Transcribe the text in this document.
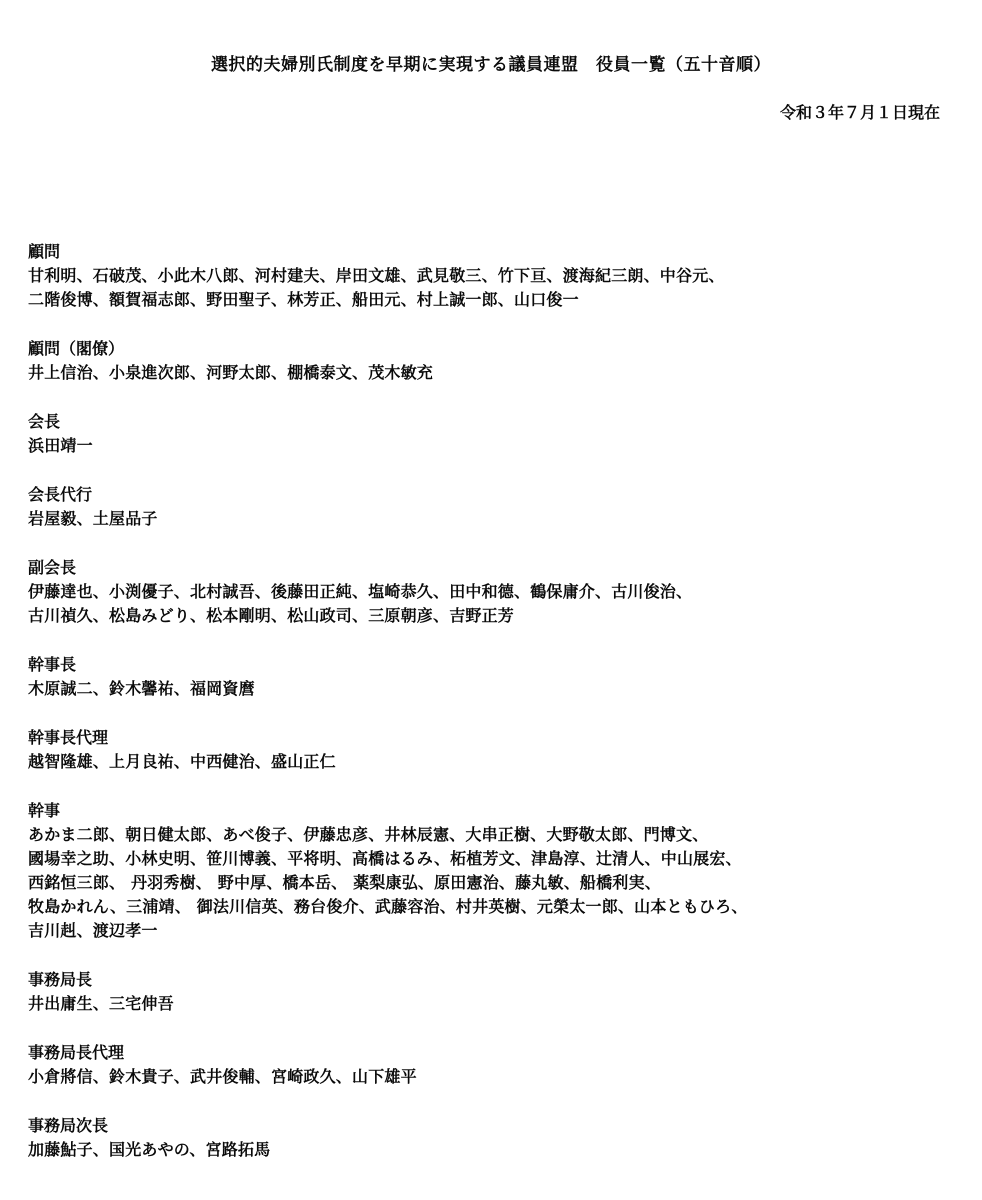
選択的夫婦別氏制度を早期に実現する議員連盟　役員一覧（五十音順）
令和３年７月１日現在
顧問
甘利明、石破茂、小此木八郎、河村建夫、岸田文雄、武見敬三、竹下亘、渡海紀三朗、中谷元、
二階俊博、額賀福志郎、野田聖子、林芳正、船田元、村上誠一郎、山口俊一
顧問（閣僚）
井上信治、小泉進次郎、河野太郎、棚橋泰文、茂木敏充
会長
浜田靖一
会長代行
岩屋毅、土屋品子
副会長
伊藤達也、小渕優子、北村誠吾、後藤田正純、塩崎恭久、田中和德、鶴保庸介、古川俊治、
古川禎久、松島みどり、松本剛明、松山政司、三原朝彦、吉野正芳
幹事長
木原誠二、鈴木馨祐、福岡資麿
幹事長代理
越智隆雄、上月良祐、中西健治、盛山正仁
幹事
あかま二郎、朝日健太郎、あべ俊子、伊藤忠彦、井林辰憲、大串正樹、大野敬太郎、門博文、
國場幸之助、小林史明、笹川博義、平将明、高橋はるみ、柘植芳文、津島淳、辻清人、中山展宏、
西銘恒三郎、 丹羽秀樹、 野中厚、橋本岳、 薬梨康弘、原田憲治、藤丸敏、船橋利実、
牧島かれん、三浦靖、 御法川信英、務台俊介、武藤容治、村井英樹、元榮太一郎、山本ともひろ、
吉川赳、渡辺孝一
事務局長
井出庸生、三宅伸吾
事務局長代理
小倉將信、鈴木貴子、武井俊輔、宮崎政久、山下雄平
事務局次長
加藤鮎子、国光あやの、宮路拓馬
